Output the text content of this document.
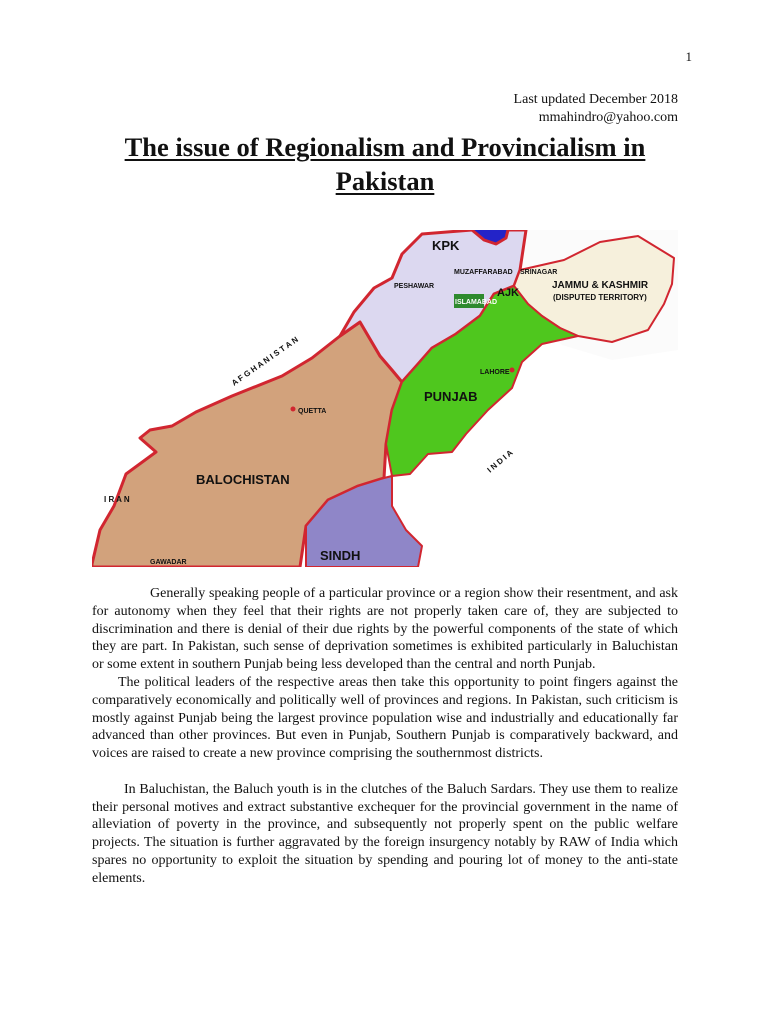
1
Last updated December 2018
mmahindro@yahoo.com
The issue of Regionalism and Provincialism in Pakistan
KPK
MUZAFFARABAD SRINAGAR
PESHAWAR
AJK
ISLAMABAD
JAMMU & KASHMIR
(DISPUTED TERRITORY)
A F G H A N I S T A N	LAHORE
PUNJAB
QUETTA
I N D I A
BALOCHISTAN
I R A N
SINDH
GAWADAR

Generally speaking people of a particular province or a region show their resentment, and ask for autonomy when they feel that their rights are not properly taken care of, they are subjected to discrimination and there is denial of their due rights by the powerful components of the state of which they are part. In Pakistan, such sense of deprivation sometimes is exhibited particularly in Baluchistan or some extent in southern Punjab being less developed than the central and north Punjab.

The political leaders of the respective areas then take this opportunity to point fingers against the comparatively economically and politically well of provinces and regions. In Pakistan, such criticism is mostly against Punjab being the largest province population wise and industrially and educationally far advanced than other provinces. But even in Punjab, Southern Punjab is comparatively backward, and voices are raised to create a new province comprising the southernmost districts.

In Baluchistan, the Baluch youth is in the clutches of the Baluch Sardars. They use them to realize their personal motives and extract substantive exchequer for the provincial government in the name of alleviation of poverty in the province, and subsequently not properly spent on the public welfare projects. The situation is further aggravated by the foreign insurgency notably by RAW of India which spares no opportunity to exploit the situation by spending and pouring lot of money to the anti-state elements.
